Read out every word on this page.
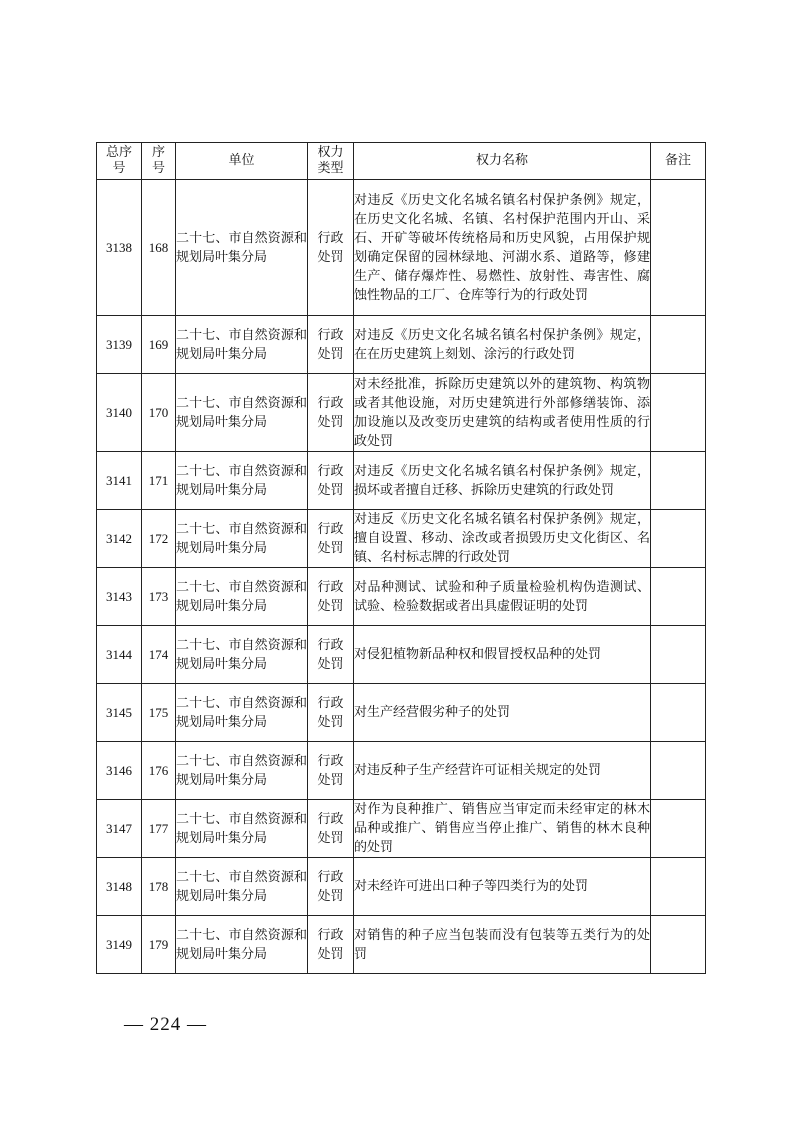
总序号	序号	单位	权力类型	权力名称	备注
3138	168	二十七、市自然资源和规划局叶集分局	行政处罚	对违反《历史文化名城名镇名村保护条例》规定，在历史文化名城、名镇、名村保护范围内开山、采石、开矿等破坏传统格局和历史风貌，占用保护规划确定保留的园林绿地、河湖水系、道路等，修建生产、储存爆炸性、易燃性、放射性、毒害性、腐蚀性物品的工厂、仓库等行为的行政处罚	
3139	169	二十七、市自然资源和规划局叶集分局	行政处罚	对违反《历史文化名城名镇名村保护条例》规定，在在历史建筑上刻划、涂污的行政处罚	
3140	170	二十七、市自然资源和规划局叶集分局	行政处罚	对未经批准，拆除历史建筑以外的建筑物、构筑物或者其他设施，对历史建筑进行外部修缮装饰、添加设施以及改变历史建筑的结构或者使用性质的行政处罚	
3141	171	二十七、市自然资源和规划局叶集分局	行政处罚	对违反《历史文化名城名镇名村保护条例》规定，损坏或者擅自迁移、拆除历史建筑的行政处罚	
3142	172	二十七、市自然资源和规划局叶集分局	行政处罚	对违反《历史文化名城名镇名村保护条例》规定，擅自设置、移动、涂改或者损毁历史文化街区、名镇、名村标志牌的行政处罚	
3143	173	二十七、市自然资源和规划局叶集分局	行政处罚	对品种测试、试验和种子质量检验机构伪造测试、试验、检验数据或者出具虚假证明的处罚	
3144	174	二十七、市自然资源和规划局叶集分局	行政处罚	对侵犯植物新品种权和假冒授权品种的处罚	
3145	175	二十七、市自然资源和规划局叶集分局	行政处罚	对生产经营假劣种子的处罚	
3146	176	二十七、市自然资源和规划局叶集分局	行政处罚	对违反种子生产经营许可证相关规定的处罚	
3147	177	二十七、市自然资源和规划局叶集分局	行政处罚	对作为良种推广、销售应当审定而未经审定的林木品种或推广、销售应当停止推广、销售的林木良种的处罚	
3148	178	二十七、市自然资源和规划局叶集分局	行政处罚	对未经许可进出口种子等四类行为的处罚	
3149	179	二十七、市自然资源和规划局叶集分局	行政处罚	对销售的种子应当包装而没有包装等五类行为的处罚	
— 224 —
